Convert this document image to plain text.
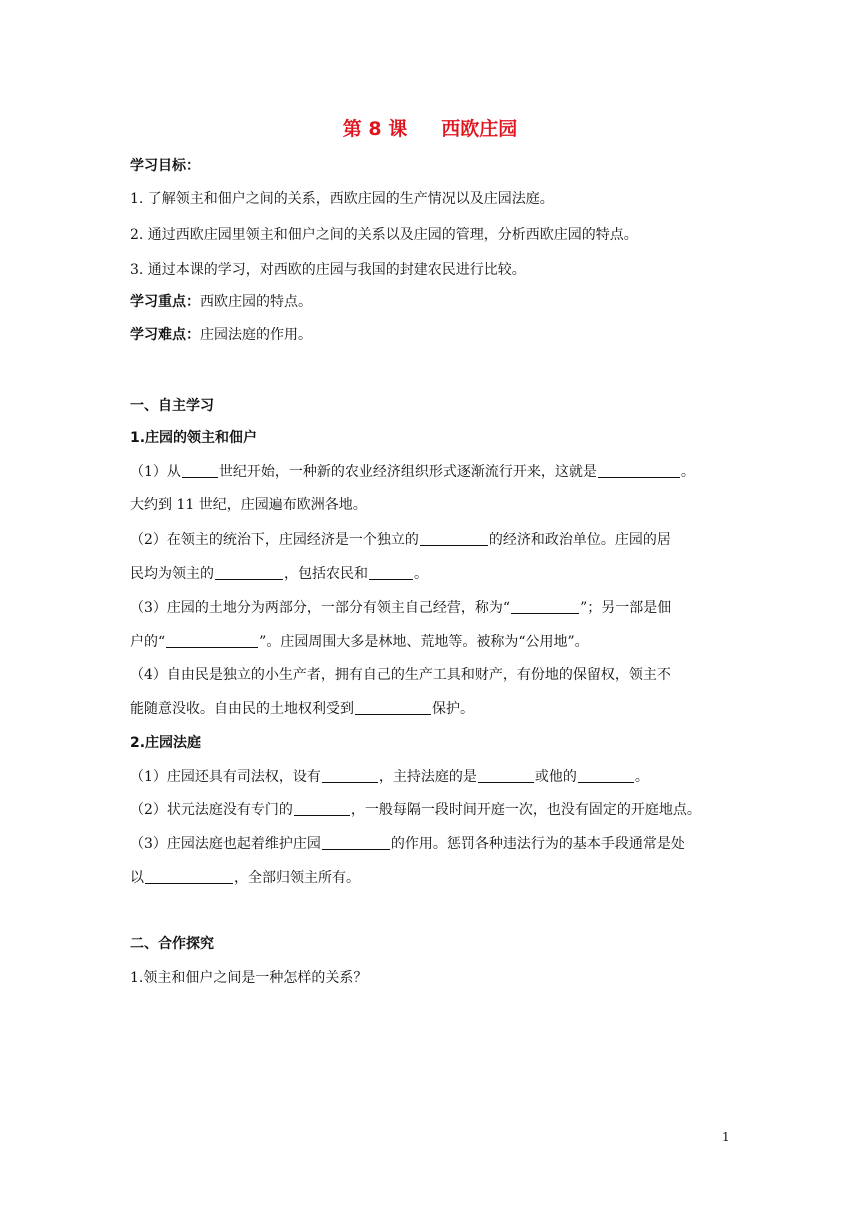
第 8 课 西欧庄园
学习目标：
1. 了解领主和佃户之间的关系，西欧庄园的生产情况以及庄园法庭。
2. 通过西欧庄园里领主和佃户之间的关系以及庄园的管理，分析西欧庄园的特点。
3. 通过本课的学习，对西欧的庄园与我国的封建农民进行比较。
学习重点：西欧庄园的特点。
学习难点：庄园法庭的作用。
一、自主学习
1.庄园的领主和佃户
（1）从	世纪开始，一种新的农业经济组织形式逐渐流行开来，这就是	。
大约到 11 世纪，庄园遍布欧洲各地。
（2）在领主的统治下，庄园经济是一个独立的	的经济和政治单位。庄园的居
民均为领主的	，包括农民和	。
（3）庄园的土地分为两部分，一部分有领主自己经营，称为“	”；另一部是佃
户的“	”。庄园周围大多是林地、荒地等。被称为“公用地”。
（4）自由民是独立的小生产者，拥有自己的生产工具和财产，有份地的保留权，领主不
能随意没收。自由民的土地权利受到	保护。
2.庄园法庭
（1）庄园还具有司法权，设有	，主持法庭的是	或他的	。
（2）状元法庭没有专门的	，一般每隔一段时间开庭一次，也没有固定的开庭地点。
（3）庄园法庭也起着维护庄园	的作用。惩罚各种违法行为的基本手段通常是处
以	，全部归领主所有。
二、合作探究
1.领主和佃户之间是一种怎样的关系？
1
